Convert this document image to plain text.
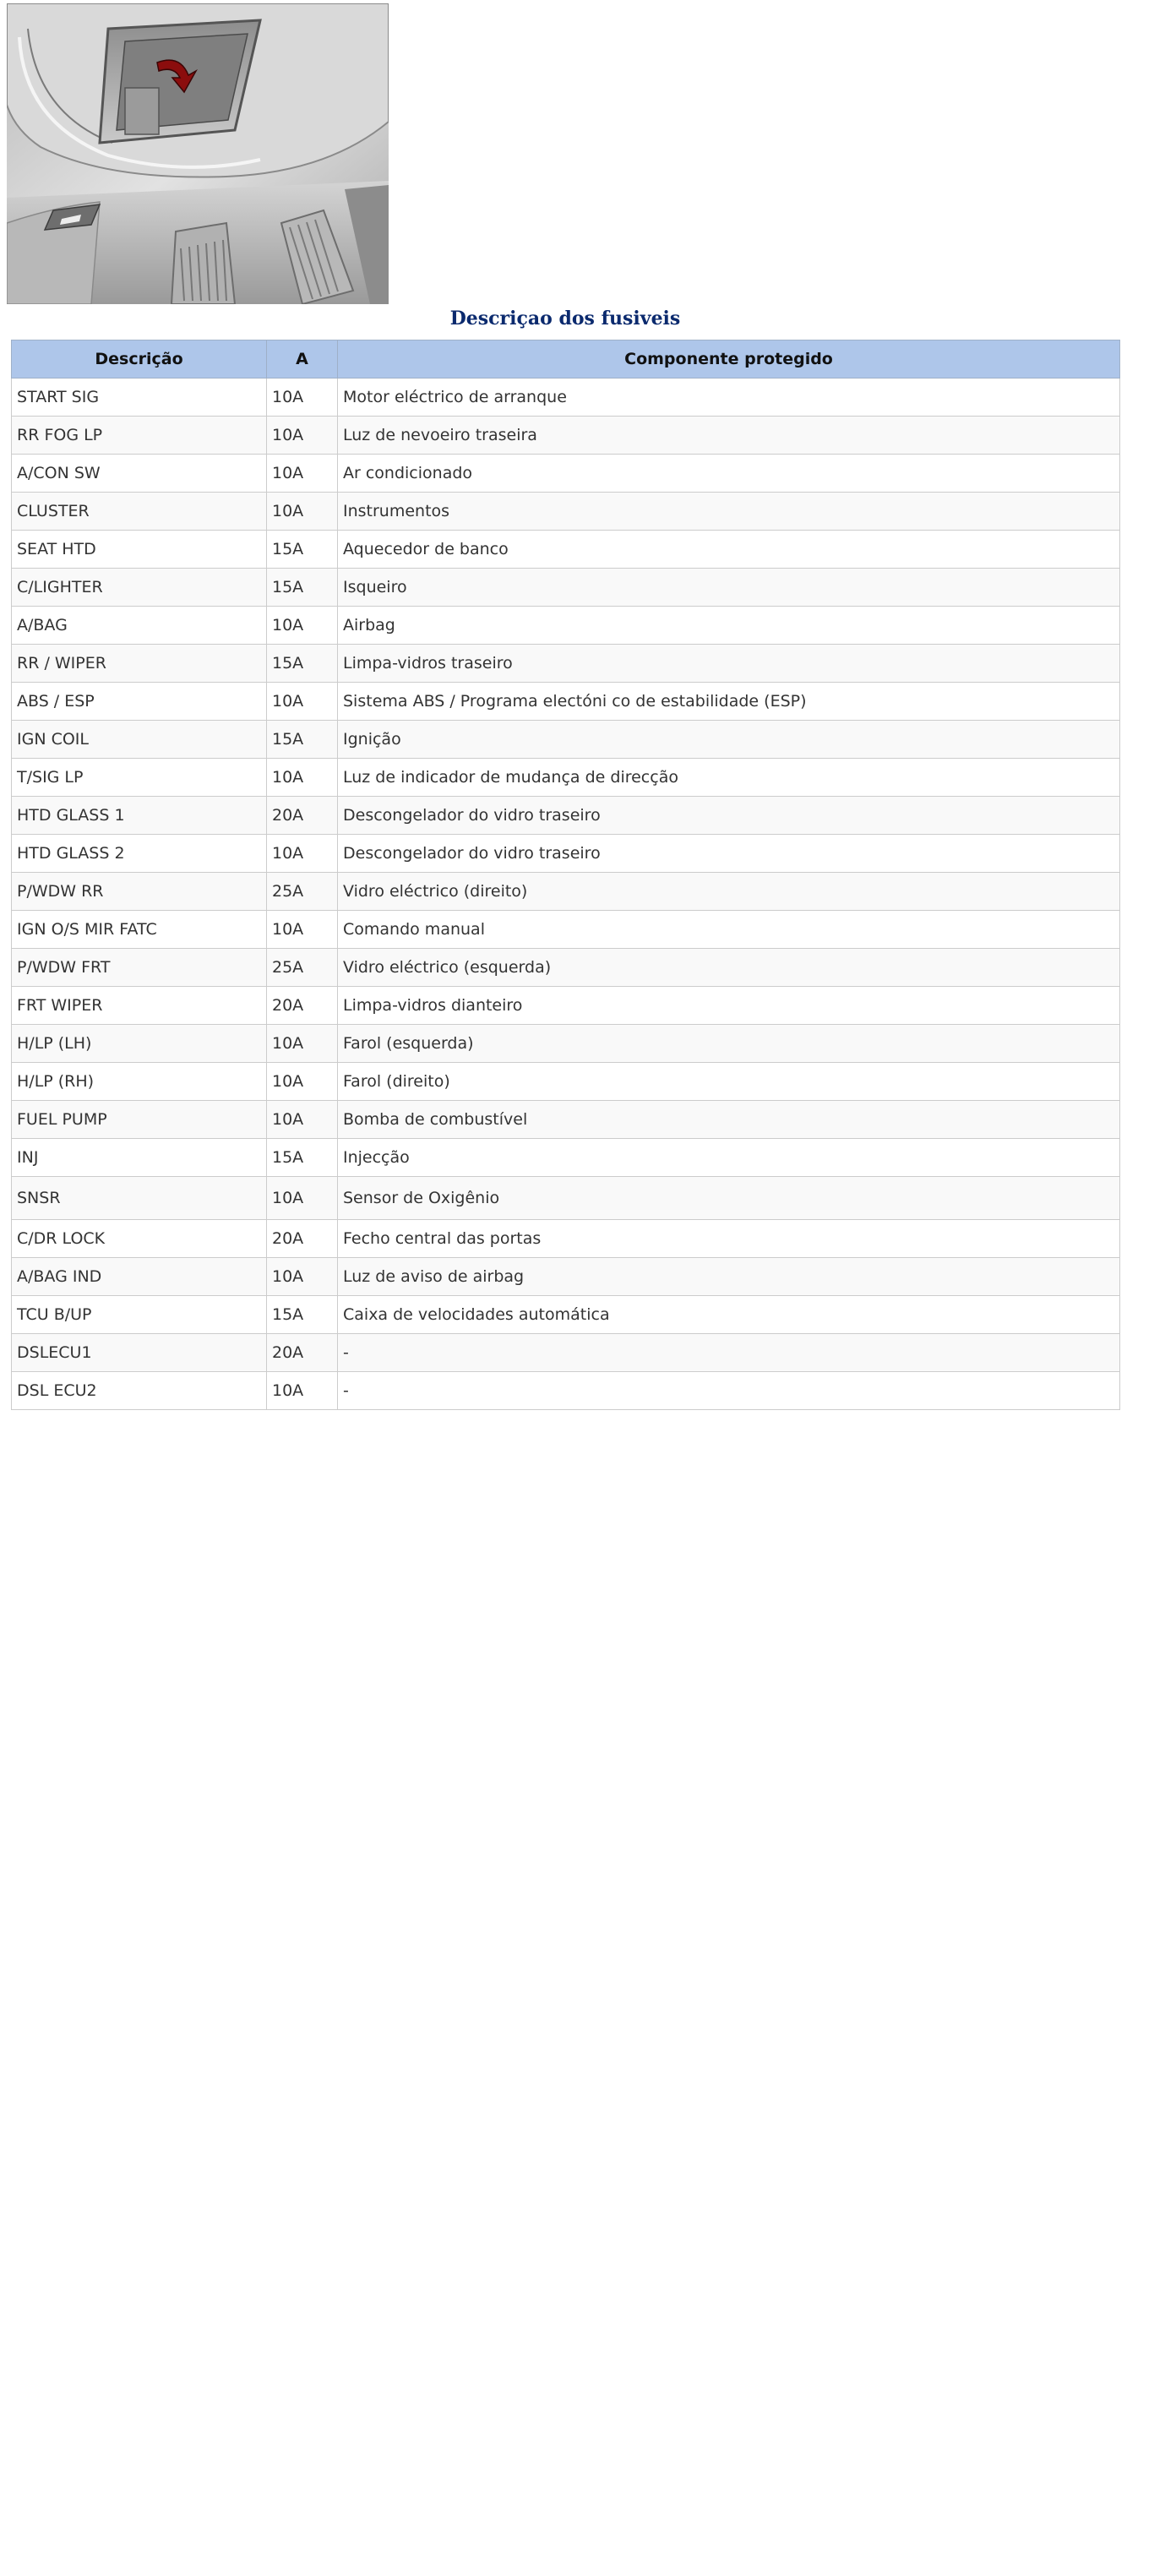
Descriçao dos fusiveis
Descrição	A	Componente protegido
START SIG	10A	Motor eléctrico de arranque
RR FOG LP	10A	Luz de nevoeiro traseira
A/CON SW	10A	Ar condicionado
CLUSTER	10A	Instrumentos
SEAT HTD	15A	Aquecedor de banco
C/LIGHTER	15A	Isqueiro
A/BAG	10A	Airbag
RR / WIPER	15A	Limpa-vidros traseiro
ABS / ESP	10A	Sistema ABS / Programa electóni co de estabilidade (ESP)
IGN COIL	15A	Ignição
T/SIG LP	10A	Luz de indicador de mudança de direcção
HTD GLASS 1	20A	Descongelador do vidro traseiro
HTD GLASS 2	10A	Descongelador do vidro traseiro
P/WDW RR	25A	Vidro eléctrico (direito)
IGN O/S MIR FATC	10A	Comando manual
P/WDW FRT	25A	Vidro eléctrico (esquerda)
FRT WIPER	20A	Limpa-vidros dianteiro
H/LP (LH)	10A	Farol (esquerda)
H/LP (RH)	10A	Farol (direito)
FUEL PUMP	10A	Bomba de combustível
INJ	15A	Injecção
SNSR	10A	Sensor de Oxigênio
C/DR LOCK	20A	Fecho central das portas
A/BAG IND	10A	Luz de aviso de airbag
TCU B/UP	15A	Caixa de velocidades automática
DSLECU1	20A	-
DSL ECU2	10A	-
